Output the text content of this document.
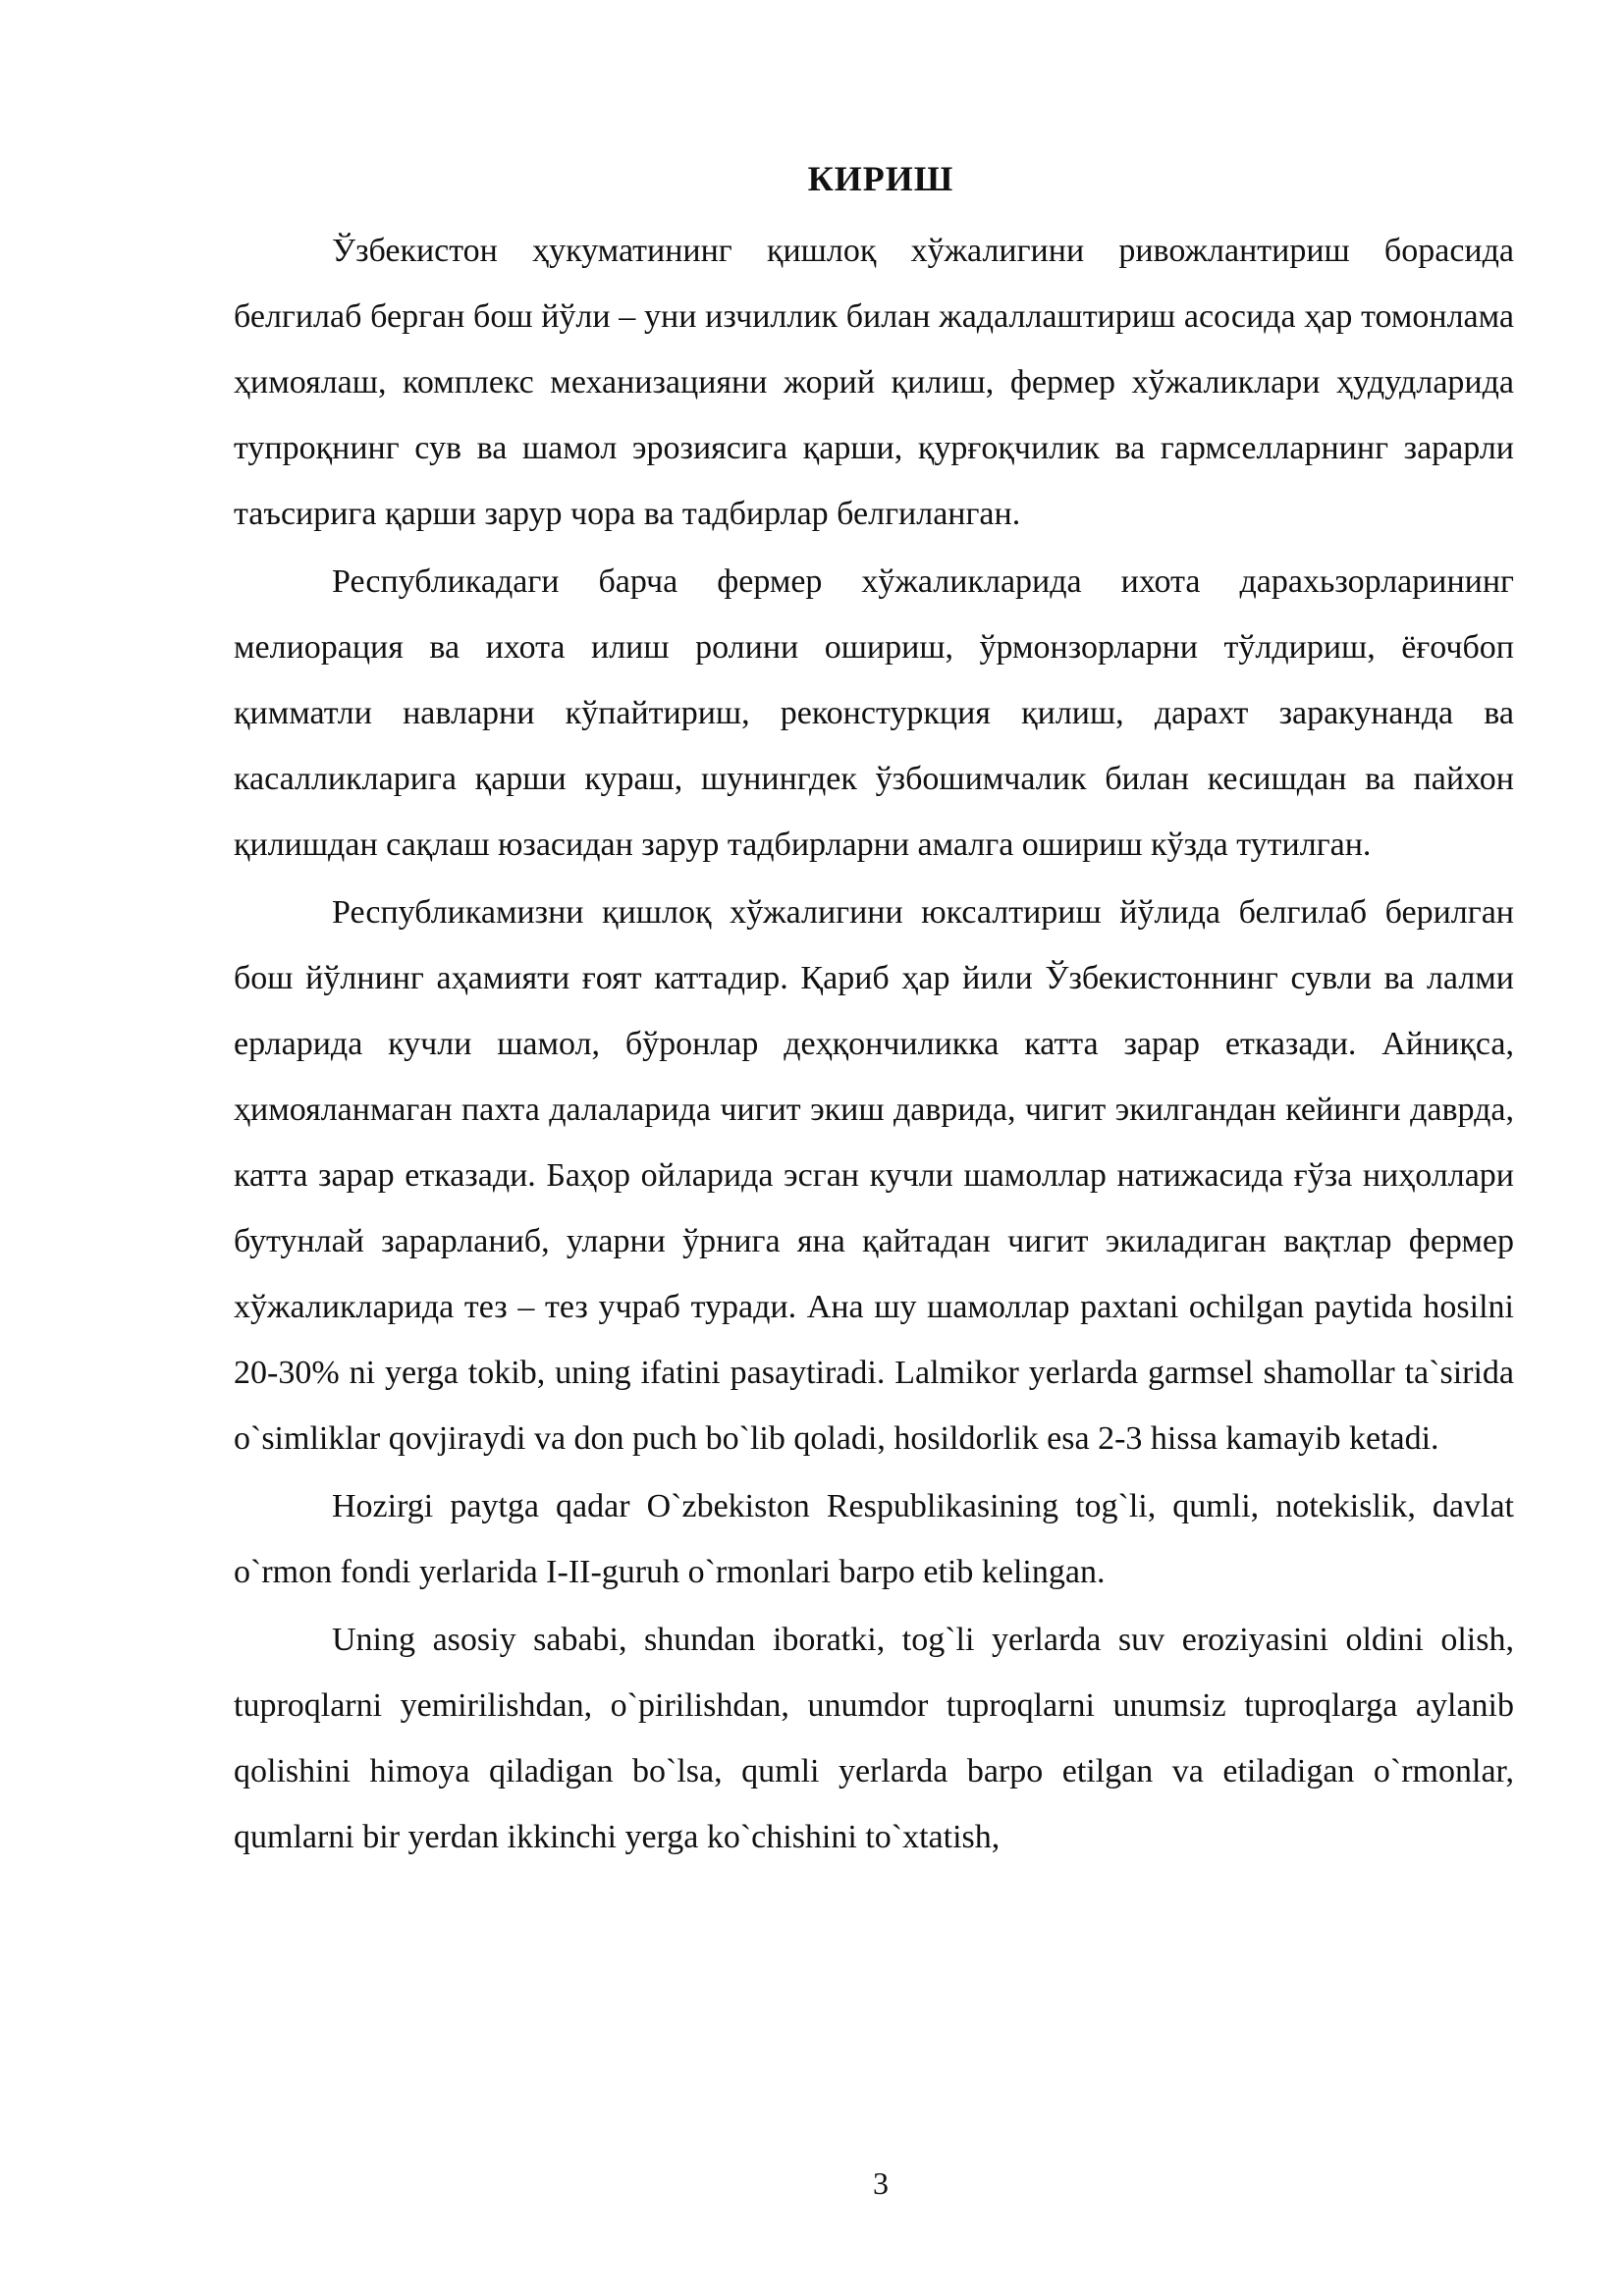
КИРИШ

Ўзбекистон ҳукуматининг қишлоқ хўжалигини ривожлантириш борасида белгилаб берган бош йўли – уни изчиллик билан жадаллаштириш асосида ҳар томонлама ҳимоялаш, комплекс механизацияни жорий қилиш, фермер хўжаликлари ҳудудларида тупроқнинг сув ва шамол эрозиясига қарши, қурғоқчилик ва гармселларнинг зарарли таъсирига қарши зарур чора ва тадбирлар белгиланган.

Республикадаги барча фермер хўжаликларида ихота дарахьзорларининг мелиорация ва ихота илиш ролини ошириш, ўрмонзорларни тўлдириш, ёғочбоп қимматли навларни кўпайтириш, реконстуркция қилиш, дарахт заракунанда ва касалликларига қарши кураш, шунингдек ўзбошимчалик билан кесишдан ва пайхон қилишдан сақлаш юзасидан зарур тадбирларни амалга ошириш кўзда тутилган.

Республикамизни қишлоқ хўжалигини юксалтириш йўлида белгилаб берилган бош йўлнинг аҳамияти ғоят каттадир. Қариб ҳар йили Ўзбекистоннинг сувли ва лалми ерларида кучли шамол, бўронлар деҳқончиликка катта зарар етказади. Айниқса, ҳимояланмаган пахта далаларида чигит экиш даврида, чигит экилгандан кейинги даврда, катта зарар етказади. Баҳор ойларида эсган кучли шамоллар натижасида ғўза ниҳоллари бутунлай зарарланиб, уларни ўрнига яна қайтадан чигит экиладиган вақтлар фермер хўжаликларида тез – тез учраб туради. Ана шу шамоллар paxtani ochilgan paytida hosilni 20-30% ni yerga tokib, uning ifatini pasaytiradi. Lalmikor yerlarda garmsel shamollar ta`sirida o`simliklar qovjiraydi va don puch bo`lib qoladi, hosildorlik esa 2-3 hissa kamayib ketadi.

Hozirgi paytga qadar O`zbekiston Respublikasining tog`li, qumli, notekislik, davlat o`rmon fondi yerlarida I-II-guruh o`rmonlari barpo etib kelingan.

Uning asosiy sababi, shundan iboratki, tog`li yerlarda suv eroziyasini oldini olish, tuproqlarni yemirilishdan, o`pirilishdan, unumdor tuproqlarni unumsiz tuproqlarga aylanib qolishini himoya qiladigan bo`lsa, qumli yerlarda barpo etilgan va etiladigan o`rmonlar, qumlarni bir yerdan ikkinchi yerga ko`chishini to`xtatish,

3
